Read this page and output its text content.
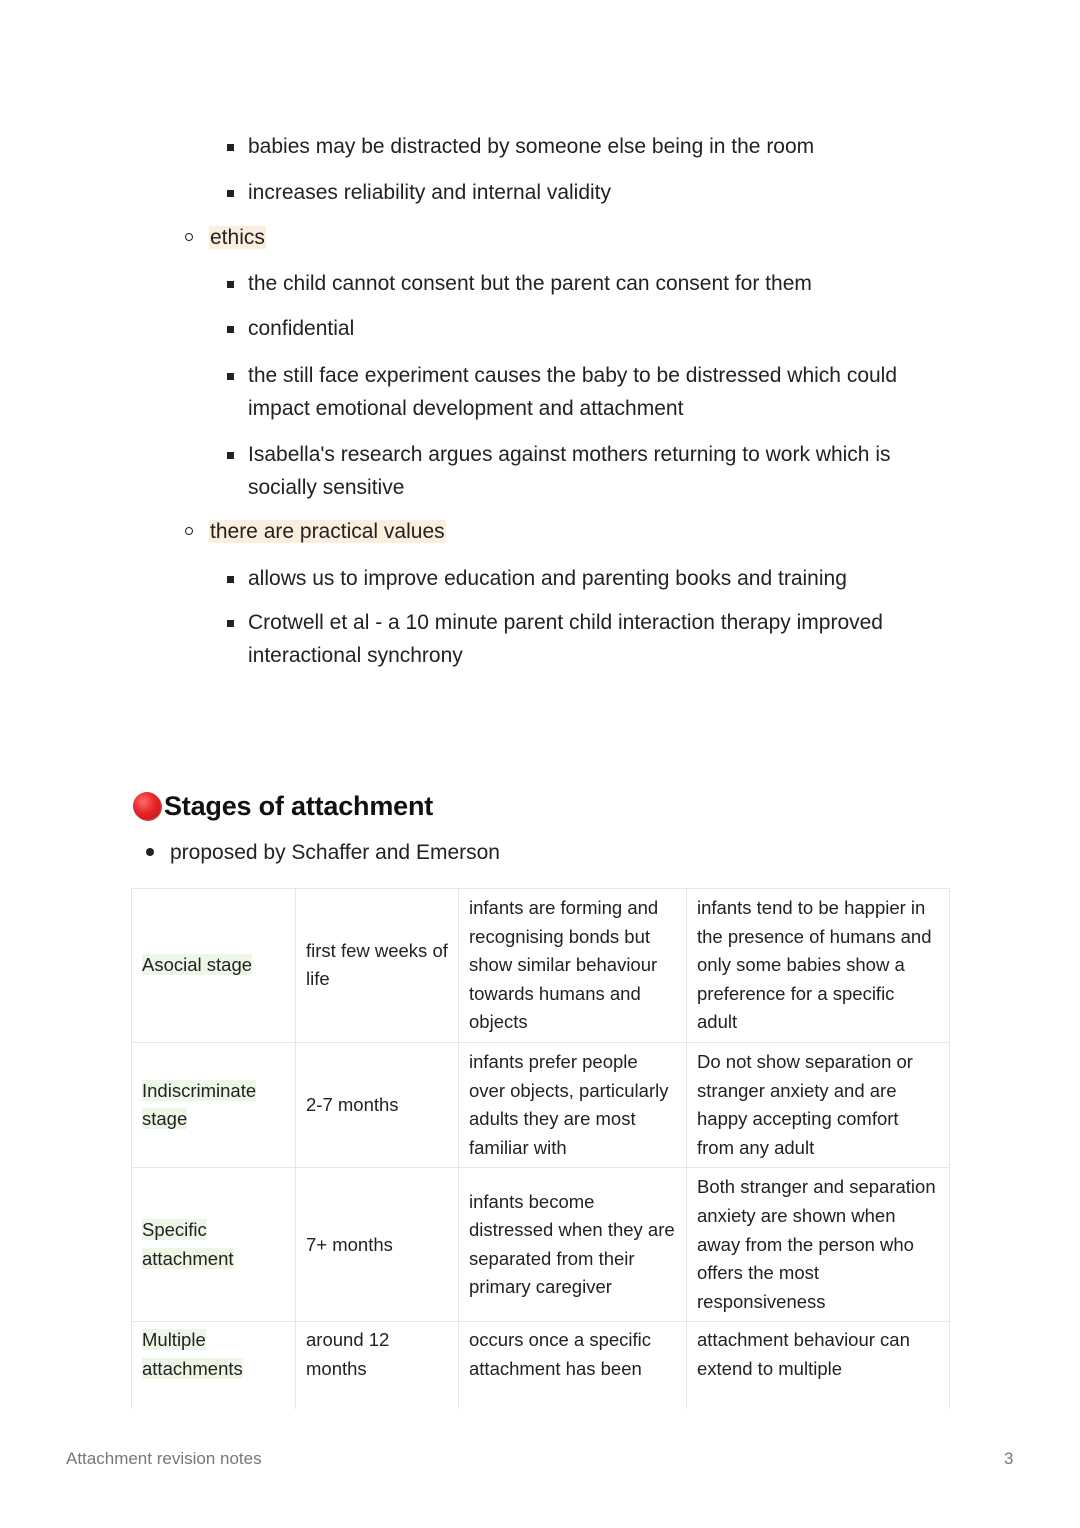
babies may be distracted by someone else being in the room
increases reliability and internal validity
ethics
the child cannot consent but the parent can consent for them
confidential
the still face experiment causes the baby to be distressed which could impact emotional development and attachment
Isabella's research argues against mothers returning to work which is socially sensitive
there are practical values
allows us to improve education and parenting books and training
Crotwell et al - a 10 minute parent child interaction therapy improved interactional synchrony
Stages of attachment
proposed by Schaffer and Emerson
Asocial stage	first few weeks of life	infants are forming and recognising bonds but show similar behaviour towards humans and objects	infants tend to be happier in the presence of humans and only some babies show a preference for a specific adult
Indiscriminate stage	2-7 months	infants prefer people over objects, particularly adults they are most familiar with	Do not show separation or stranger anxiety and are happy accepting comfort from any adult
Specific attachment	7+ months	infants become distressed when they are separated from their primary caregiver	Both stranger and separation anxiety are shown when away from the person who offers the most responsiveness
Multiple attachments	around 12 months	occurs once a specific attachment has been	attachment behaviour can extend to multiple
Attachment revision notes	3
